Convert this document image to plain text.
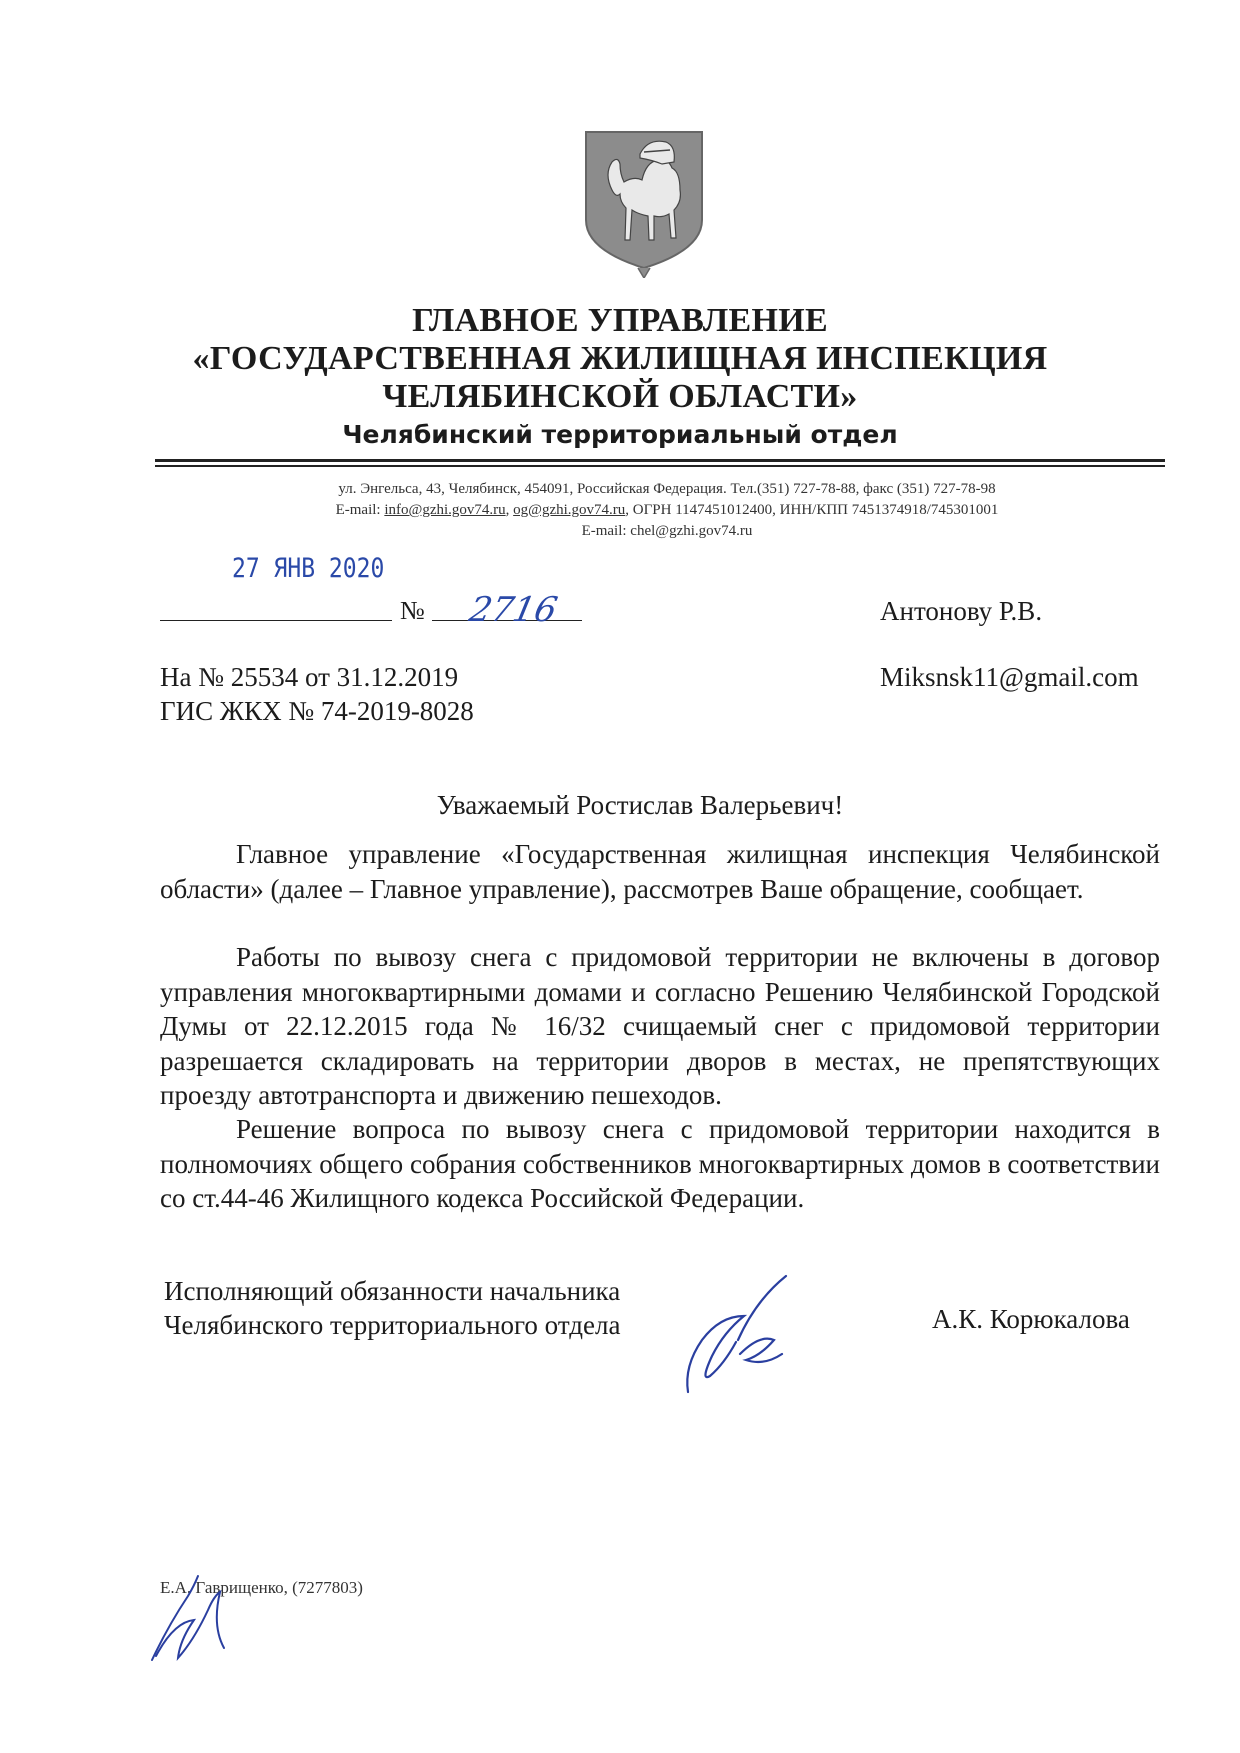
ГЛАВНОЕ УПРАВЛЕНИЕ
«ГОСУДАРСТВЕННАЯ ЖИЛИЩНАЯ ИНСПЕКЦИЯ
ЧЕЛЯБИНСКОЙ ОБЛАСТИ»
Челябинский территориальный отдел
ул. Энгельса, 43, Челябинск, 454091, Российская Федерация. Тел.(351) 727-78-88, факс (351) 727-78-98
E-mail: info@gzhi.gov74.ru, og@gzhi.gov74.ru, ОГРН 1147451012400, ИНН/КПП 7451374918/745301001
E-mail: chel@gzhi.gov74.ru
27 ЯНВ 2020
№ 2716	Антонову Р.В.
Miksnsk11@gmail.com
На № 25534 от 31.12.2019
ГИС ЖКХ № 74-2019-8028
Уважаемый Ростислав Валерьевич!

Главное управление «Государственная жилищная инспекция Челябинской области» (далее – Главное управление), рассмотрев Ваше обращение, сообщает.

Работы по вывозу снега с придомовой территории не включены в договор управления многоквартирными домами и согласно Решению Челябинской Городской Думы от 22.12.2015 года № 16/32 счищаемый снег с придомовой территории разрешается складировать на территории дворов в местах, не препятствующих проезду автотранспорта и движению пешеходов.

Решение вопроса по вывозу снега с придомовой территории находится в полномочиях общего собрания собственников многоквартирных домов в соответствии со ст.44-46 Жилищного кодекса Российской Федерации.

Исполняющий обязанности начальника
Челябинского территориального отдела	А.К. Корюкалова
Е.А. Гаврищенко, (7277803)
